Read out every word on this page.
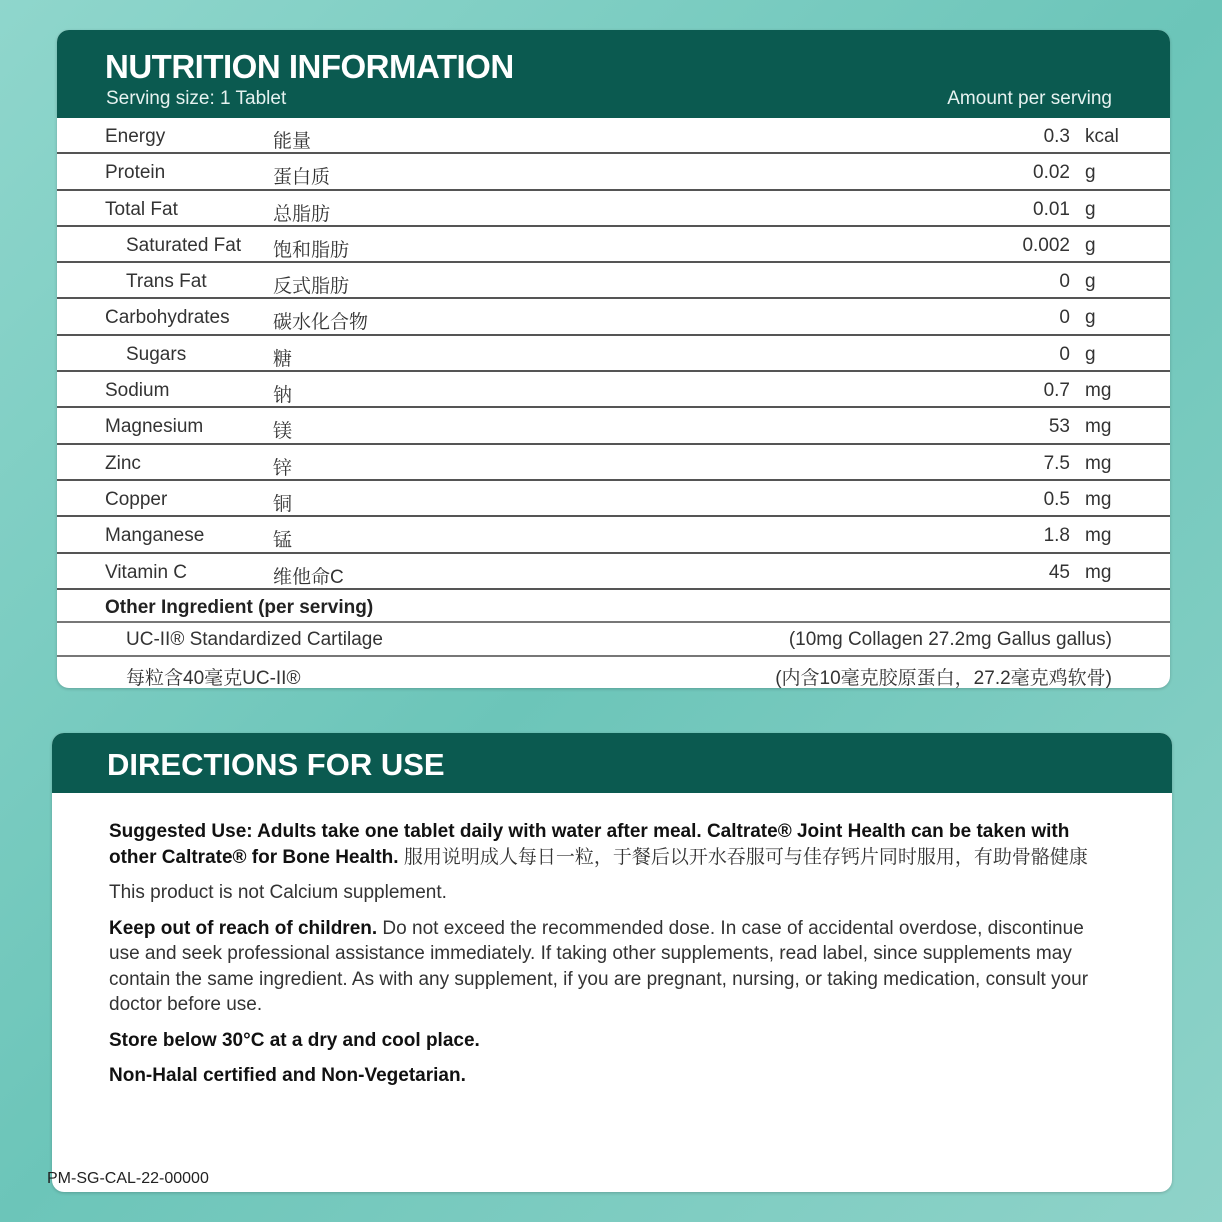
NUTRITION INFORMATION
Serving size: 1 Tablet	Amount per serving
Energy	能量	0.3 kcal
Protein	蛋白质	0.02 g
Total Fat	总脂肪	0.01 g
Saturated Fat 饱和脂肪	0.002 g
Trans Fat	反式脂肪	0 g
Carbohydrates 碳水化合物	0 g
Sugars	糖	0 g
Sodium	钠	0.7 mg
Magnesium	镁	53 mg
Zinc	锌	7.5 mg
Copper	铜	0.5 mg
Manganese	锰	1.8 mg
Vitamin C	维他命C	45 mg
Other Ingredient (per serving)
UC-II® Standardized Cartilage	(10mg Collagen 27.2mg Gallus gallus)
每粒含40毫克UC-II®	(内含10毫克胶原蛋白，27.2毫克鸡软骨)
DIRECTIONS FOR USE

Suggested Use: Adults take one tablet daily with water after meal. Caltrate® Joint Health can be taken with other Caltrate® for Bone Health. 服用说明成人每日一粒，于餐后以开水吞服可与佳存钙片同时服用，有助骨骼健康

This product is not Calcium supplement.

Keep out of reach of children. Do not exceed the recommended dose. In case of accidental overdose, discontinue use and seek professional assistance immediately. If taking other supplements, read label, since supplements may contain the same ingredient. As with any supplement, if you are pregnant, nursing, or taking medication, consult your doctor before use.

Store below 30°C at a dry and cool place.

Non-Halal certified and Non-Vegetarian.

PM-SG-CAL-22-00000
